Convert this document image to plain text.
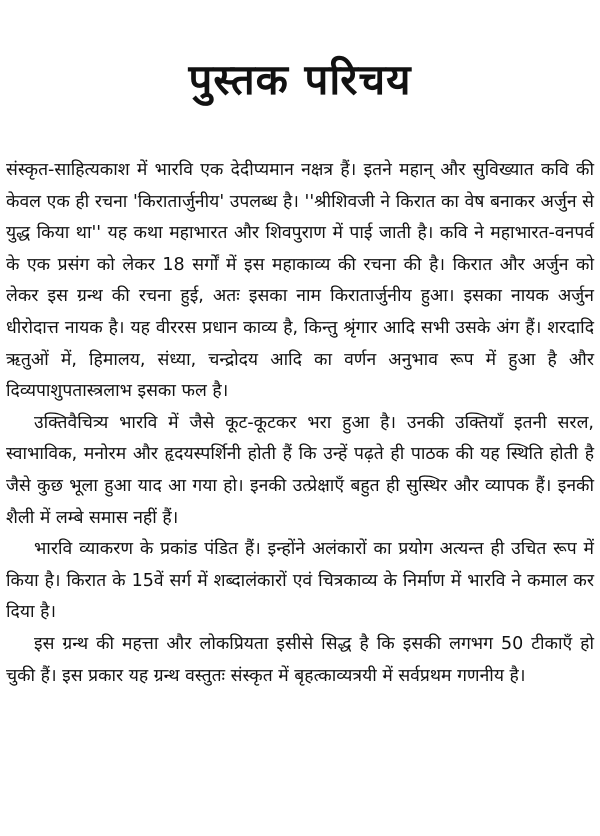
पुस्तक परिचय

संस्कृत-साहित्यकाश में भारवि एक देदीप्यमान नक्षत्र हैं। इतने महान् और सुविख्यात कवि की केवल एक ही रचना 'किरातार्जुनीय' उपलब्ध है। ''श्रीशिवजी ने किरात का वेष बनाकर अर्जुन से युद्ध किया था'' यह कथा महाभारत और शिवपुराण में पाई जाती है। कवि ने महाभारत-वनपर्व के एक प्रसंग को लेकर 18 सर्गों में इस महाकाव्य की रचना की है। किरात और अर्जुन को लेकर इस ग्रन्थ की रचना हुई, अतः इसका नाम किरातार्जुनीय हुआ। इसका नायक अर्जुन धीरोदात्त नायक है। यह वीररस प्रधान काव्य है, किन्तु श्रृंगार आदि सभी उसके अंग हैं। शरदादि ऋतुओं में, हिमालय, संध्या, चन्द्रोदय आदि का वर्णन अनुभाव रूप में हुआ है और दिव्यपाशुपतास्त्रलाभ इसका फल है।

उक्तिवैचित्र्य भारवि में जैसे कूट-कूटकर भरा हुआ है। उनकी उक्तियाँ इतनी सरल, स्वाभाविक, मनोरम और हृदयस्पर्शिनी होती हैं कि उन्हें पढ़ते ही पाठक की यह स्थिति होती है जैसे कुछ भूला हुआ याद आ गया हो। इनकी उत्प्रेक्षाएँ बहुत ही सुस्थिर और व्यापक हैं। इनकी शैली में लम्बे समास नहीं हैं।

भारवि व्याकरण के प्रकांड पंडित हैं। इन्होंने अलंकारों का प्रयोग अत्यन्त ही उचित रूप में किया है। किरात के 15वें सर्ग में शब्दालंकारों एवं चित्रकाव्य के निर्माण में भारवि ने कमाल कर दिया है।

इस ग्रन्थ की महत्ता और लोकप्रियता इसीसे सिद्ध है कि इसकी लगभग 50 टीकाएँ हो चुकी हैं। इस प्रकार यह ग्रन्थ वस्तुतः संस्कृत में बृहत्काव्यत्रयी में सर्वप्रथम गणनीय है।
